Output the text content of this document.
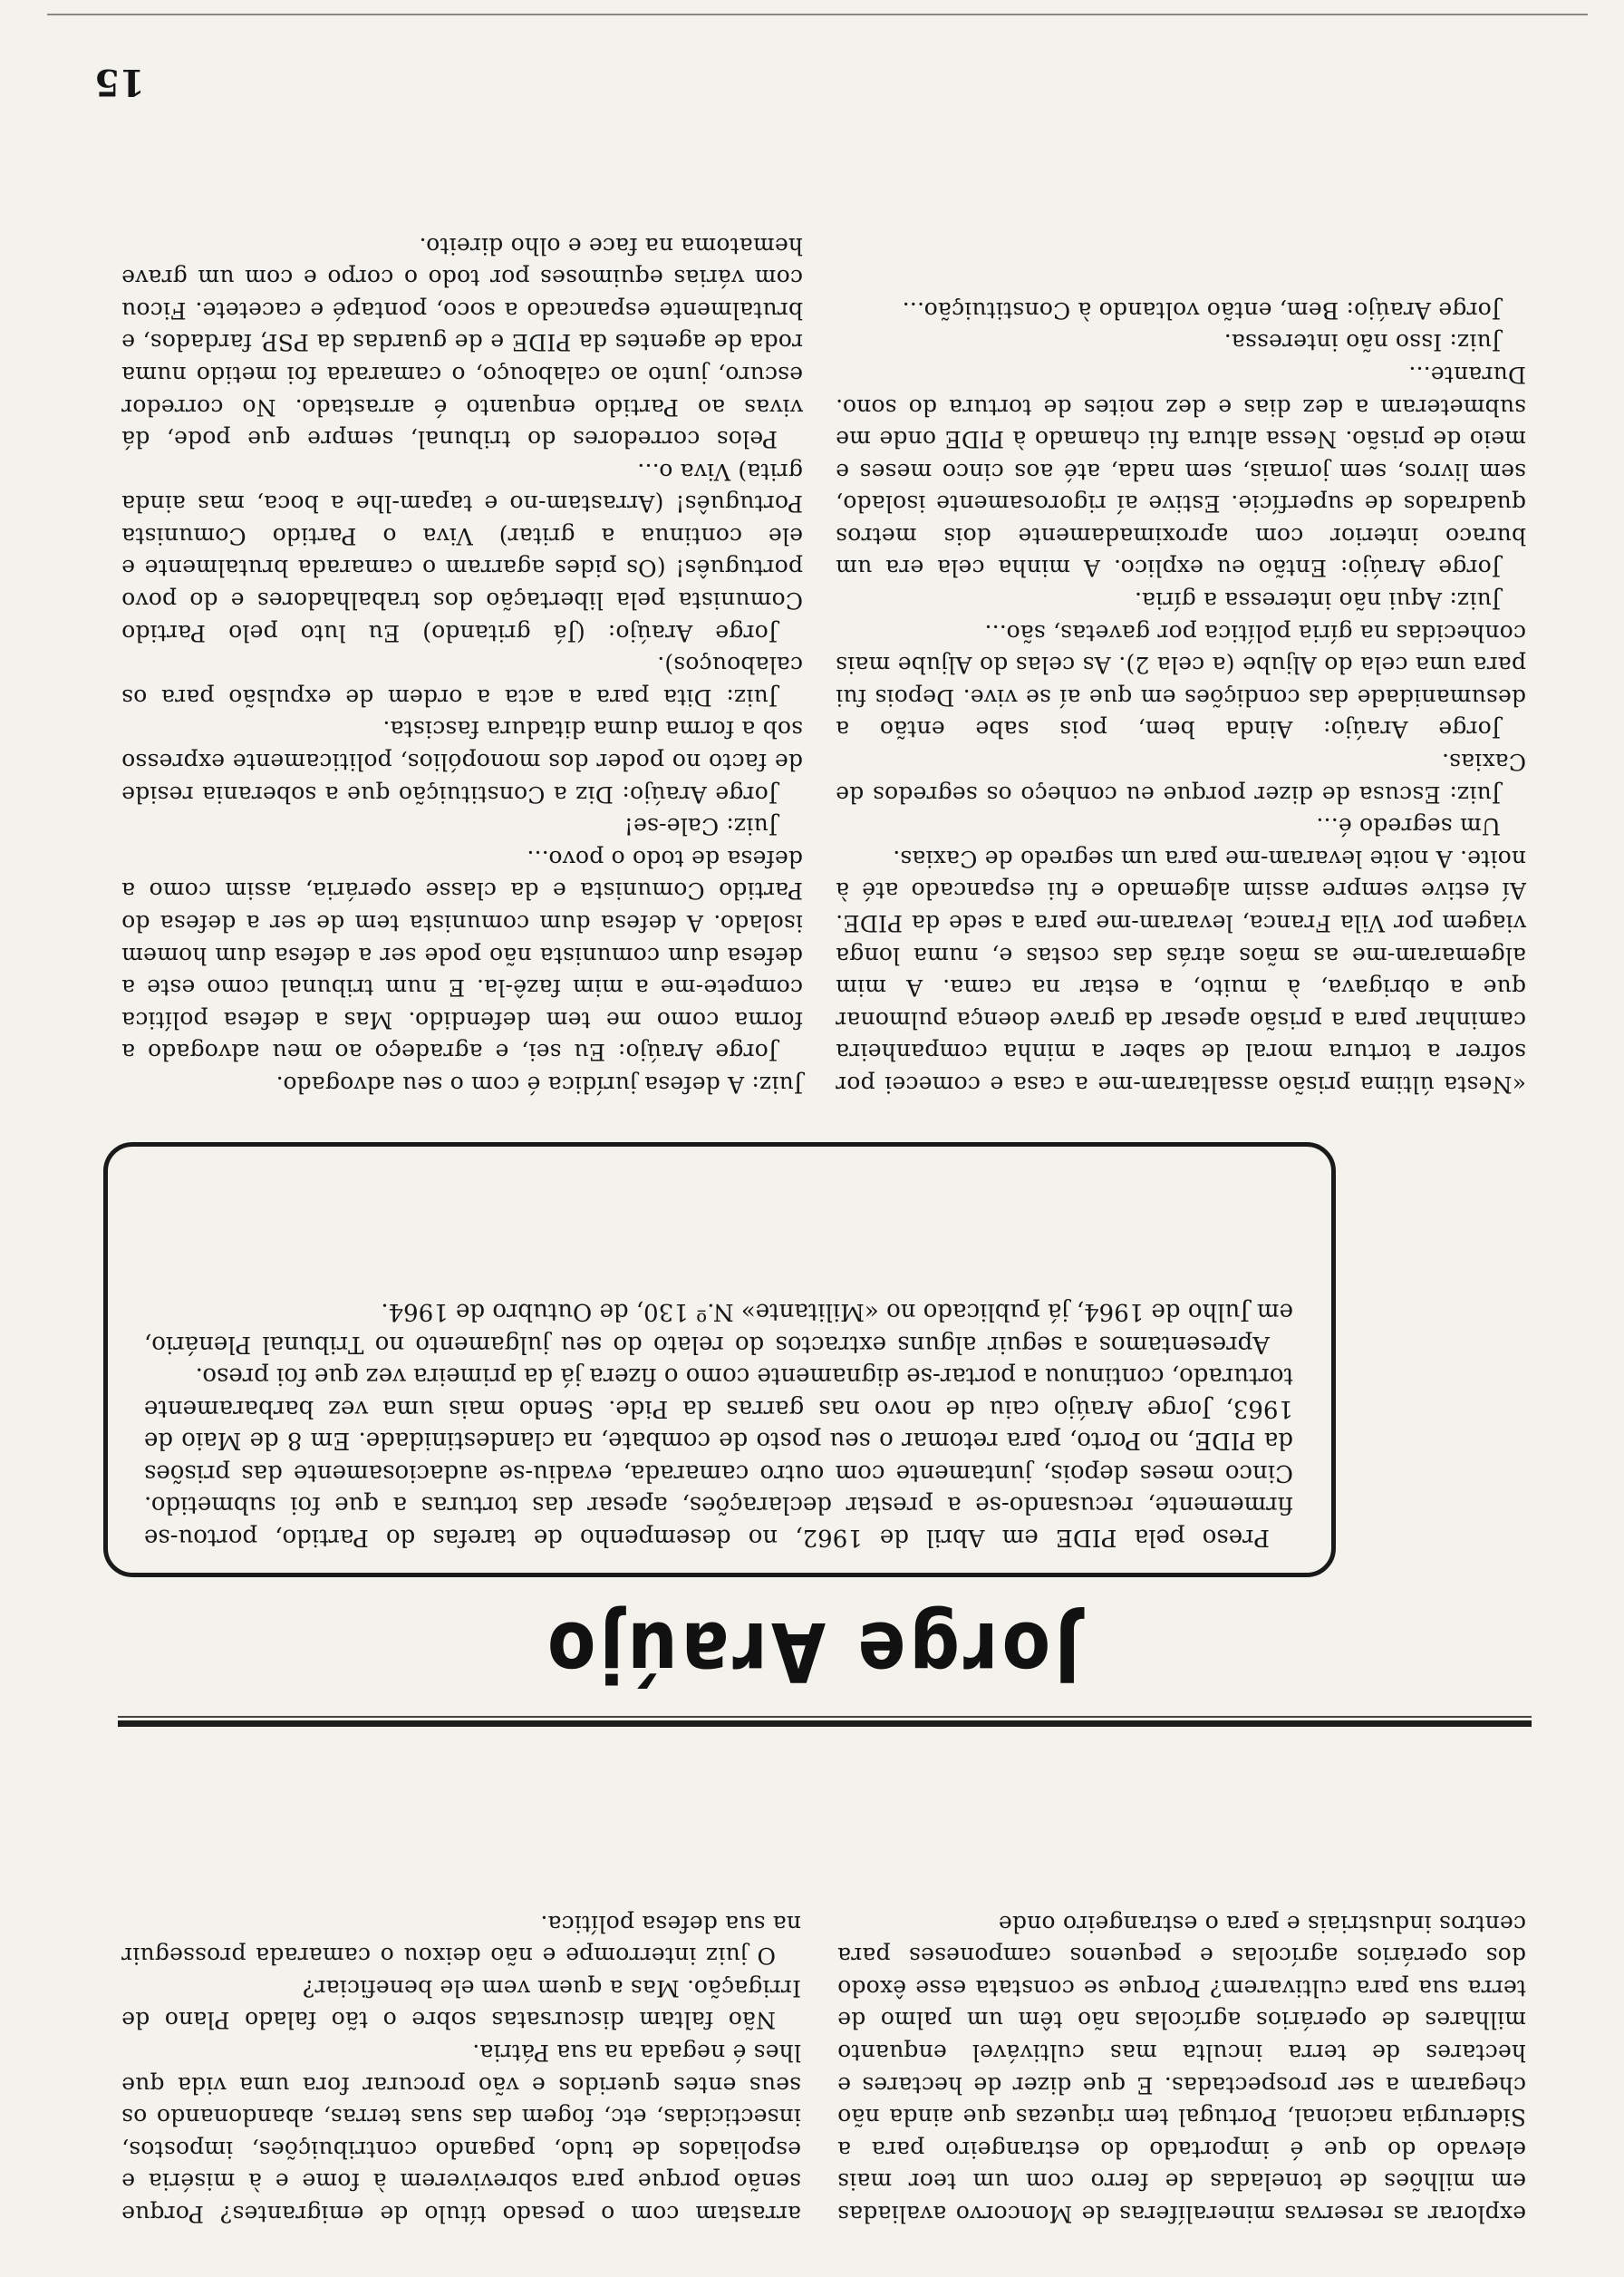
explorar as reservas mineralíferas de Moncorvo avaliadas em milhões de toneladas de ferro com um teor mais elevado do que é importado do estrangeiro para a Siderurgia nacional, Portugal tem riquezas que ainda não chegaram a ser prospectadas. E que dizer de hectares e hectares de terra inculta mas cultivável enquanto milhares de operários agrícolas não têm um palmo de terra sua para cultivarem? Porque se constata esse êxodo dos operários agrícolas e pequenos camponeses para centros industriais e para o estrangeiro onde

arrastam com o pesado título de emigrantes? Porque senão porque para sobreviverem à fome e à miséria e espoliados de tudo, pagando contribuições, impostos, insecticidas, etc, fogem das suas terras, abandonando os seus entes queridos e vão procurar fora uma vida que lhes é negada na sua Pátria.

Não faltam discursatas sobre o tão falado Plano de Irrigação. Mas a quem vem ele beneficiar?

O juiz interrompe e não deixou o camarada prosseguir na sua defesa política.

Jorge Araújo

Preso pela PIDE em Abril de 1962, no desempenho de tarefas do Partido, portou-se firmemente, recusando-se a prestar declarações, apesar das torturas a que foi submetido. Cinco meses depois, juntamente com outro camarada, evadiu-se audaciosamente das prisões da PIDE, no Porto, para retomar o seu posto de combate, na clandestinidade. Em 8 de Maio de 1963, Jorge Araújo caiu de novo nas garras da Pide. Sendo mais uma vez barbaramente torturado, continuou a portar-se dignamente como o fizera já da primeira vez que foi preso.

Apresentamos a seguir alguns extractos do relato do seu julgamento no Tribunal Plenário, em Julho de 1964, já publicado no «Militante» N.º 130, de Outubro de 1964.

«Nesta última prisão assaltaram-me a casa e comecei por sofrer a tortura moral de saber a minha companheira caminhar para a prisão apesar da grave doença pulmonar que a obrigava, à muito, a estar na cama. A mim algemaram-me as mãos atrás das costas e, numa longa viagem por Vila Franca, levaram-me para a sede da PIDE. Aí estive sempre assim algemado e fui espancado até à noite. A noite levaram-me para um segredo de Caxias.

Um segredo é...

Juiz: Escusa de dizer porque eu conheço os segredos de Caxias.

Jorge Araújo: Ainda bem, pois sabe então a desumanidade das condições em que aí se vive. Depois fui para uma cela do Aljube (a cela 2). As celas do Aljube mais conhecidas na gíria política por gavetas, são...

Juiz: Aqui não interessa a gíria.

Jorge Araújo: Então eu explico. A minha cela era um buraco interior com aproximadamente dois metros quadrados de superfície. Estive aí rigorosamente isolado, sem livros, sem jornais, sem nada, até aos cinco meses e meio de prisão. Nessa altura fui chamado à PIDE onde me submeteram a dez dias e dez noites de tortura do sono. Durante...

Juiz: Isso não interessa.

Jorge Araújo: Bem, então voltando à Constituição...

Juiz: A defesa jurídica é com o seu advogado.

Jorge Araújo: Eu sei, e agradeço ao meu advogado a forma como me tem defendido. Mas a defesa política compete-me a mim fazê-la. E num tribunal como este a defesa dum comunista não pode ser a defesa dum homem isolado. A defesa dum comunista tem de ser a defesa do Partido Comunista e da classe operária, assim como a defesa de todo o povo...

Juiz: Cale-se!

Jorge Araújo: Diz a Constituição que a soberania reside de facto no poder dos monopólios, politicamente expresso sob a forma duma ditadura fascista.

Juiz: Dita para a acta a ordem de expulsão para os calabouços).

Jorge Araújo: (Já gritando) Eu luto pelo Partido Comunista pela libertação dos trabalhadores e do povo português! (Os pides agarram o camarada brutalmente e ele continua a gritar) Viva o Partido Comunista Português! (Arrastam-no e tapam-lhe a boca, mas ainda grita) Viva o...

Pelos corredores do tribunal, sempre que pode, dá vivas ao Partido enquanto é arrastado. No corredor escuro, junto ao calabouço, o camarada foi metido numa roda de agentes da PIDE e de guardas da PSP, fardados, e brutalmente espancado a soco, pontapé e cacetete. Ficou com várias equimoses por todo o corpo e com um grave hematoma na face e olho direito.

15
